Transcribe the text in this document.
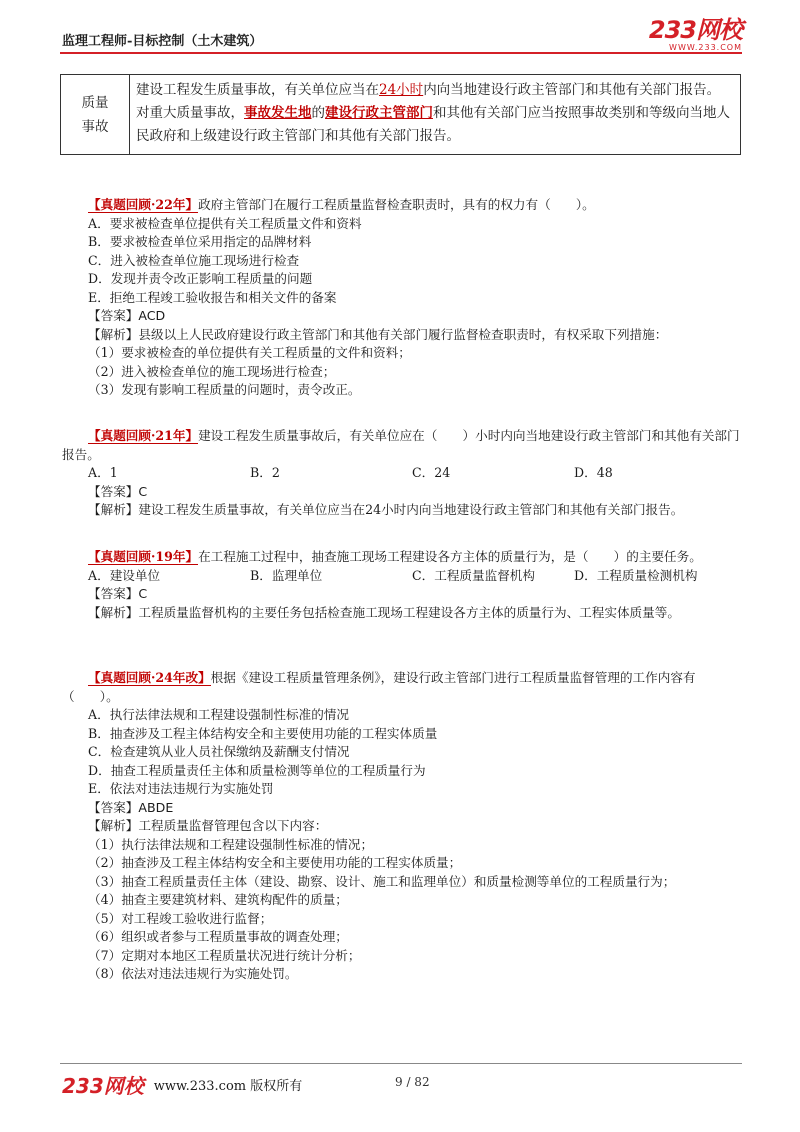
监理工程师-目标控制（土木建筑）	233网校
WWW.233.COM
质量
事故

建设工程发生质量事故，有关单位应当在24小时内向当地建设行政主管部门和其他有关部门报告。
对重大质量事故，事故发生地的建设行政主管部门和其他有关部门应当按照事故类别和等级向当地人民政府和上级建设行政主管部门和其他有关部门报告。
【真题回顾·22年】政府主管部门在履行工程质量监督检查职责时，具有的权力有（　　）。
A．要求被检查单位提供有关工程质量文件和资料
B．要求被检查单位采用指定的品牌材料
C．进入被检查单位施工现场进行检查
D．发现并责令改正影响工程质量的问题
E．拒绝工程竣工验收报告和相关文件的备案
【答案】ACD
【解析】县级以上人民政府建设行政主管部门和其他有关部门履行监督检查职责时，有权采取下列措施：
（1）要求被检查的单位提供有关工程质量的文件和资料；
（2）进入被检查单位的施工现场进行检查；
（3）发现有影响工程质量的问题时，责令改正。
【真题回顾·21年】建设工程发生质量事故后，有关单位应在（　　）小时内向当地建设行政主管部门和其他有关部门报告。
A．1	B．2	C．24	D．48
【答案】C
【解析】建设工程发生质量事故，有关单位应当在24小时内向当地建设行政主管部门和其他有关部门报告。
【真题回顾·19年】在工程施工过程中，抽查施工现场工程建设各方主体的质量行为，是（　　）的主要任务。
A．建设单位	B．监理单位	C．工程质量监督机构	D．工程质量检测机构
【答案】C
【解析】工程质量监督机构的主要任务包括检查施工现场工程建设各方主体的质量行为、工程实体质量等。
【真题回顾·24年改】根据《建设工程质量管理条例》，建设行政主管部门进行工程质量监督管理的工作内容有（　　）。
A．执行法律法规和工程建设强制性标准的情况
B．抽查涉及工程主体结构安全和主要使用功能的工程实体质量
C．检查建筑从业人员社保缴纳及薪酬支付情况
D．抽查工程质量责任主体和质量检测等单位的工程质量行为
E．依法对违法违规行为实施处罚
【答案】ABDE
【解析】工程质量监督管理包含以下内容：
（1）执行法律法规和工程建设强制性标准的情况；
（2）抽查涉及工程主体结构安全和主要使用功能的工程实体质量；
（3）抽查工程质量责任主体（建设、勘察、设计、施工和监理单位）和质量检测等单位的工程质量行为；
（4）抽查主要建筑材料、建筑构配件的质量；
（5）对工程竣工验收进行监督；
（6）组织或者参与工程质量事故的调查处理；
（7）定期对本地区工程质量状况进行统计分析；
（8）依法对违法违规行为实施处罚。
233网校 www.233.com 版权所有	9 / 82
